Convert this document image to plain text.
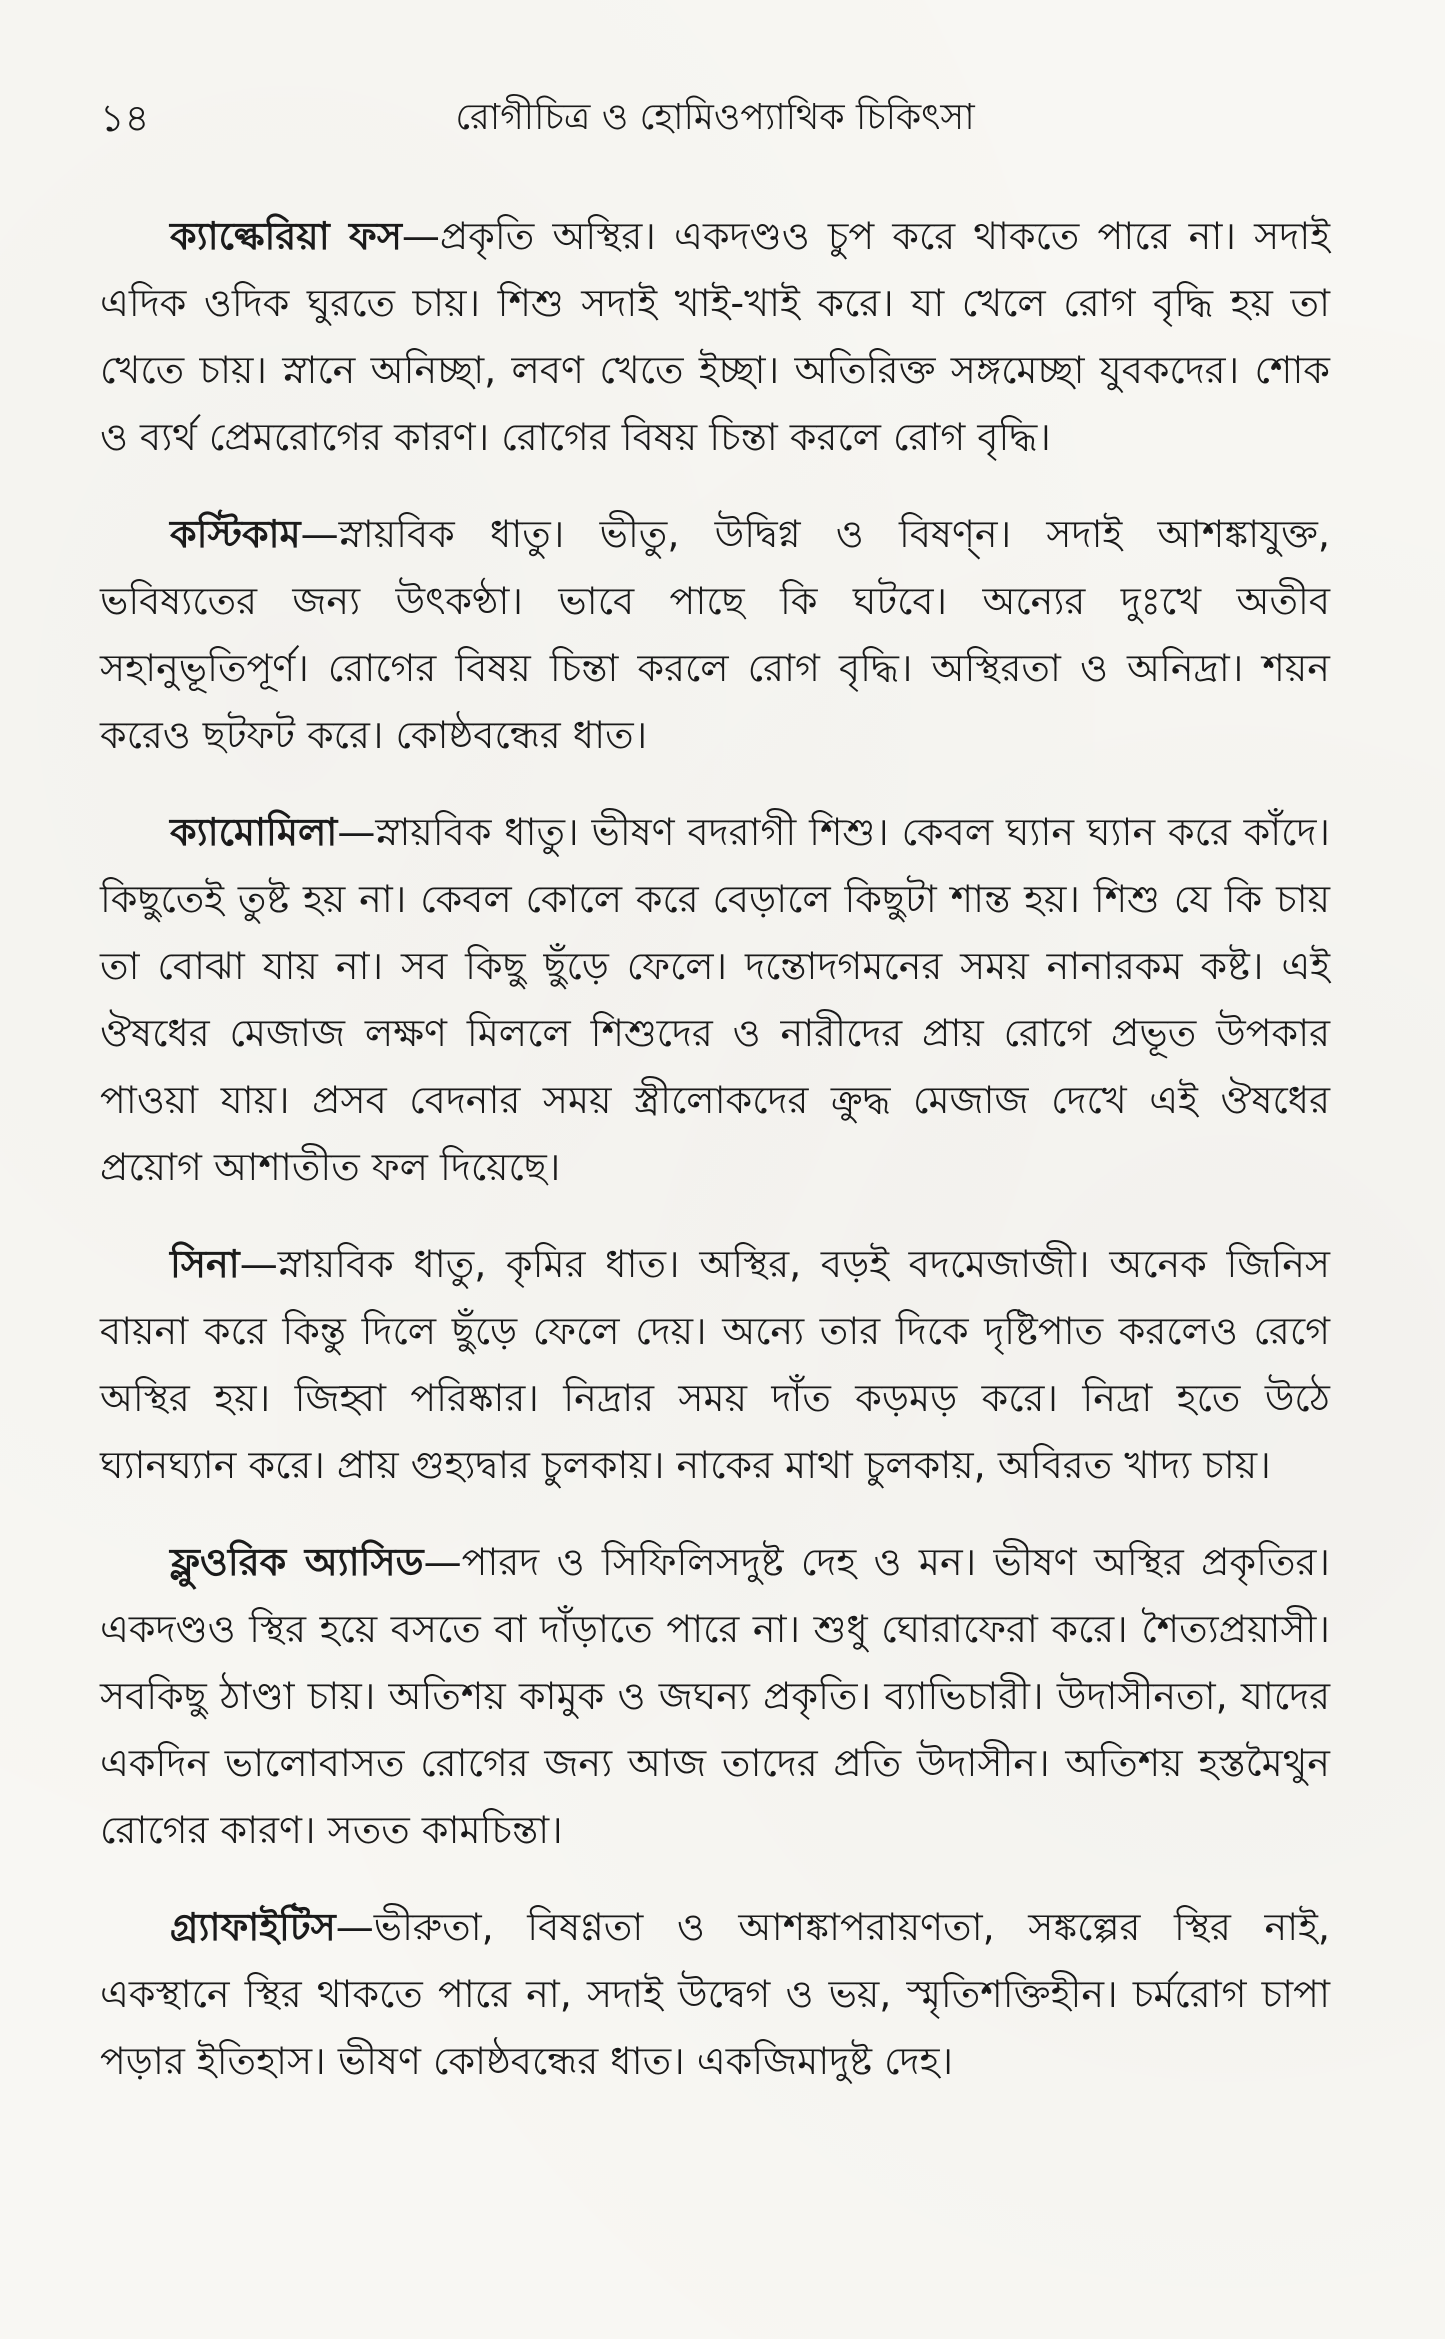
১৪	রোগীচিত্র ও হোমিওপ্যাথিক চিকিৎসা

ক্যাল্কেরিয়া ফস—প্রকৃতি অস্থির। একদণ্ডও চুপ করে থাকতে পারে না। সদাই এদিক ওদিক ঘুরতে চায়। শিশু সদাই খাই-খাই করে। যা খেলে রোগ বৃদ্ধি হয় তা খেতে চায়। স্নানে অনিচ্ছা, লবণ খেতে ইচ্ছা। অতিরিক্ত সঙ্গমেচ্ছা যুবকদের। শোক ও ব্যর্থ প্রেমরোগের কারণ। রোগের বিষয় চিন্তা করলে রোগ বৃদ্ধি।

কস্টিকাম—স্নায়বিক ধাতু। ভীতু, উদ্বিগ্ন ও বিষণ্ন। সদাই আশঙ্কাযুক্ত, ভবিষ্যতের জন্য উৎকণ্ঠা। ভাবে পাছে কি ঘটবে। অন্যের দুঃখে অতীব সহানুভূতিপূর্ণ। রোগের বিষয় চিন্তা করলে রোগ বৃদ্ধি। অস্থিরতা ও অনিদ্রা। শয়ন করেও ছটফট করে। কোষ্ঠবন্ধের ধাত।

ক্যামোমিলা—স্নায়বিক ধাতু। ভীষণ বদরাগী শিশু। কেবল ঘ্যান ঘ্যান করে কাঁদে। কিছুতেই তুষ্ট হয় না। কেবল কোলে করে বেড়ালে কিছুটা শান্ত হয়। শিশু যে কি চায় তা বোঝা যায় না। সব কিছু ছুঁড়ে ফেলে। দন্তোদগমনের সময় নানারকম কষ্ট। এই ঔষধের মেজাজ লক্ষণ মিললে শিশুদের ও নারীদের প্রায় রোগে প্রভূত উপকার পাওয়া যায়। প্রসব বেদনার সময় স্ত্রীলোকদের ক্রুদ্ধ মেজাজ দেখে এই ঔষধের প্রয়োগ আশাতীত ফল দিয়েছে।

সিনা—স্নায়বিক ধাতু, কৃমির ধাত। অস্থির, বড়ই বদমেজাজী। অনেক জিনিস বায়না করে কিন্তু দিলে ছুঁড়ে ফেলে দেয়। অন্যে তার দিকে দৃষ্টিপাত করলেও রেগে অস্থির হয়। জিহ্বা পরিষ্কার। নিদ্রার সময় দাঁত কড়মড় করে। নিদ্রা হতে উঠে ঘ্যানঘ্যান করে। প্রায় গুহ্যদ্বার চুলকায়। নাকের মাথা চুলকায়, অবিরত খাদ্য চায়।

ফ্লুওরিক অ্যাসিড—পারদ ও সিফিলিসদুষ্ট দেহ ও মন। ভীষণ অস্থির প্রকৃতির। একদণ্ডও স্থির হয়ে বসতে বা দাঁড়াতে পারে না। শুধু ঘোরাফেরা করে। শৈত্যপ্রয়াসী। সবকিছু ঠাণ্ডা চায়। অতিশয় কামুক ও জঘন্য প্রকৃতি। ব্যাভিচারী। উদাসীনতা, যাদের একদিন ভালোবাসত রোগের জন্য আজ তাদের প্রতি উদাসীন। অতিশয় হস্তমৈথুন রোগের কারণ। সতত কামচিন্তা।

গ্র্যাফাইটিস—ভীরুতা, বিষণ্ণতা ও আশঙ্কাপরায়ণতা, সঙ্কল্পের স্থির নাই, একস্থানে স্থির থাকতে পারে না, সদাই উদ্বেগ ও ভয়, স্মৃতিশক্তিহীন। চর্মরোগ চাপা পড়ার ইতিহাস। ভীষণ কোষ্ঠবন্ধের ধাত। একজিমাদুষ্ট দেহ।
